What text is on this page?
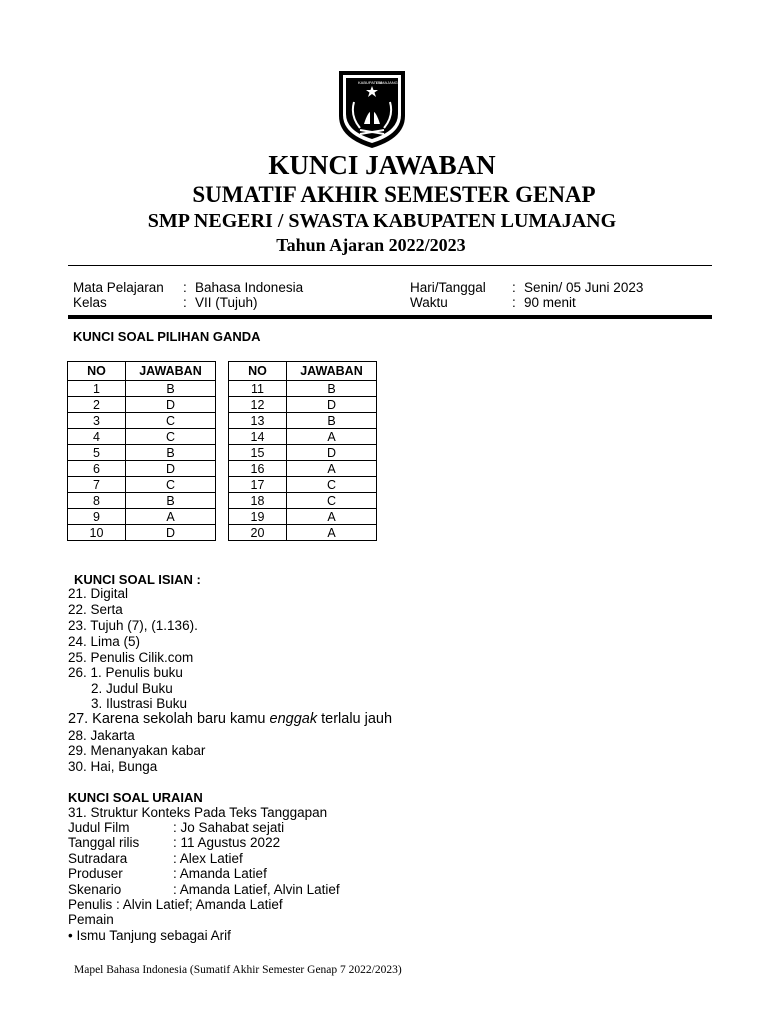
KABUPATEN
LUMAJANG
KUNCI JAWABAN
SUMATIF AKHIR SEMESTER GENAP
SMP NEGERI / SWASTA KABUPATEN LUMAJANG
Tahun Ajaran 2022/2023
Mata Pelajaran : Bahasa Indonesia
Kelas	: VII (Tujuh)
Hari/Tanggal : Senin/ 05 Juni 2023
Waktu	: 90 menit
KUNCI SOAL PILIHAN GANDA
NO	JAWABAN
1	B
2	D
3	C
4	C
5	B
6	D
7	C
8	B
9	A
10	D
NO	JAWABAN
11	B
12	D
13	B
14	A
15	D
16	A
17	C
18	C
19	A
20	A
KUNCI SOAL ISIAN :
21. Digital
22. Serta
23. Tujuh (7), (1.136).
24. Lima (5)
25. Penulis Cilik.com
26. 1. Penulis buku
2. Judul Buku
3. Ilustrasi Buku
27. Karena sekolah baru kamu enggak terlalu jauh
28. Jakarta
29. Menanyakan kabar
30. Hai, Bunga
KUNCI SOAL URAIAN
31. Struktur Konteks Pada Teks Tanggapan
Judul Film	: Jo Sahabat sejati
Tanggal rilis : 11 Agustus 2022
Sutradara	: Alex Latief
Produser	: Amanda Latief
Skenario	: Amanda Latief, Alvin Latief
Penulis : Alvin Latief; Amanda Latief
Pemain
• Ismu Tanjung sebagai Arif
Mapel Bahasa Indonesia (Sumatif Akhir Semester Genap 7 2022/2023)
